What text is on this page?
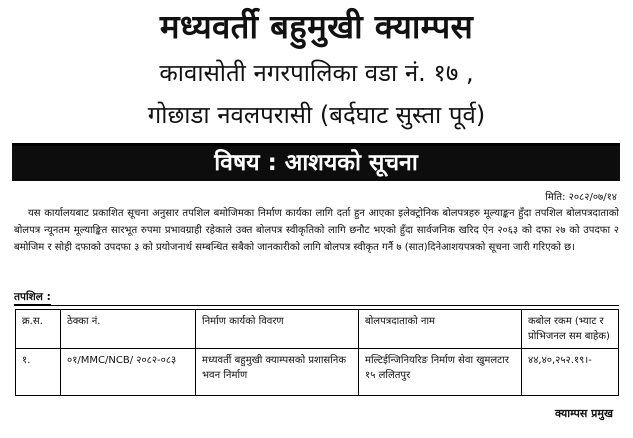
मध्यवर्ती बहुमुखी क्याम्पस
कावासोती नगरपालिका वडा नं. १७ ,
गोछाडा नवलपरासी (बर्दघाट सुस्ता पूर्व)
विषय : आशयको सूचना
मिति: २०८२/०७/१४
यस कार्यालयबाट प्रकाशित सूचना अनुसार तपशिल बमोजिमका निर्माण कार्यका लागि दर्ता हुन आएका इलेक्ट्रोनिक बोलपत्रहरु मूल्याङ्कन हुँदा तपशिल बोलपत्रदाताको बोलपत्र न्यूनतम मूल्याङ्कित सारभूत रुपमा प्रभावग्राही रहेकाले उक्त बोलपत्र स्वीकृतिको लागि छनौट भएको हुँदा सार्वजनिक खरिद ऐन २०६३ को दफा २७ को उपदफा २ बमोजिम र सोही दफाको उपदफा ३ को प्रयोजनार्थ सम्बन्धित सबैको जानकारीको लागि बोलपत्र स्वीकृत गर्नै ७ (सात)दिनेआशयपत्रको सूचना जारी गरिएको छ।
तपशिल :
क्र.स.	ठेक्का नं.	निर्माण कार्यको विवरण	बोलपत्रदाताको नाम	कबोल रकम (भ्याट र प्रोभिजनल सम बाहेक)
१.	०१/MMC/NCB/ २०८२-०८३	मध्यवर्ती बहुमुखी क्याम्पसको प्रशासनिक भवन निर्माण	मल्टिईन्जिनियरिङ निर्माण सेवा खुमलटार १५ ललितपुर	४४,४०,२५२.१९।-
क्याम्पस प्रमुख
